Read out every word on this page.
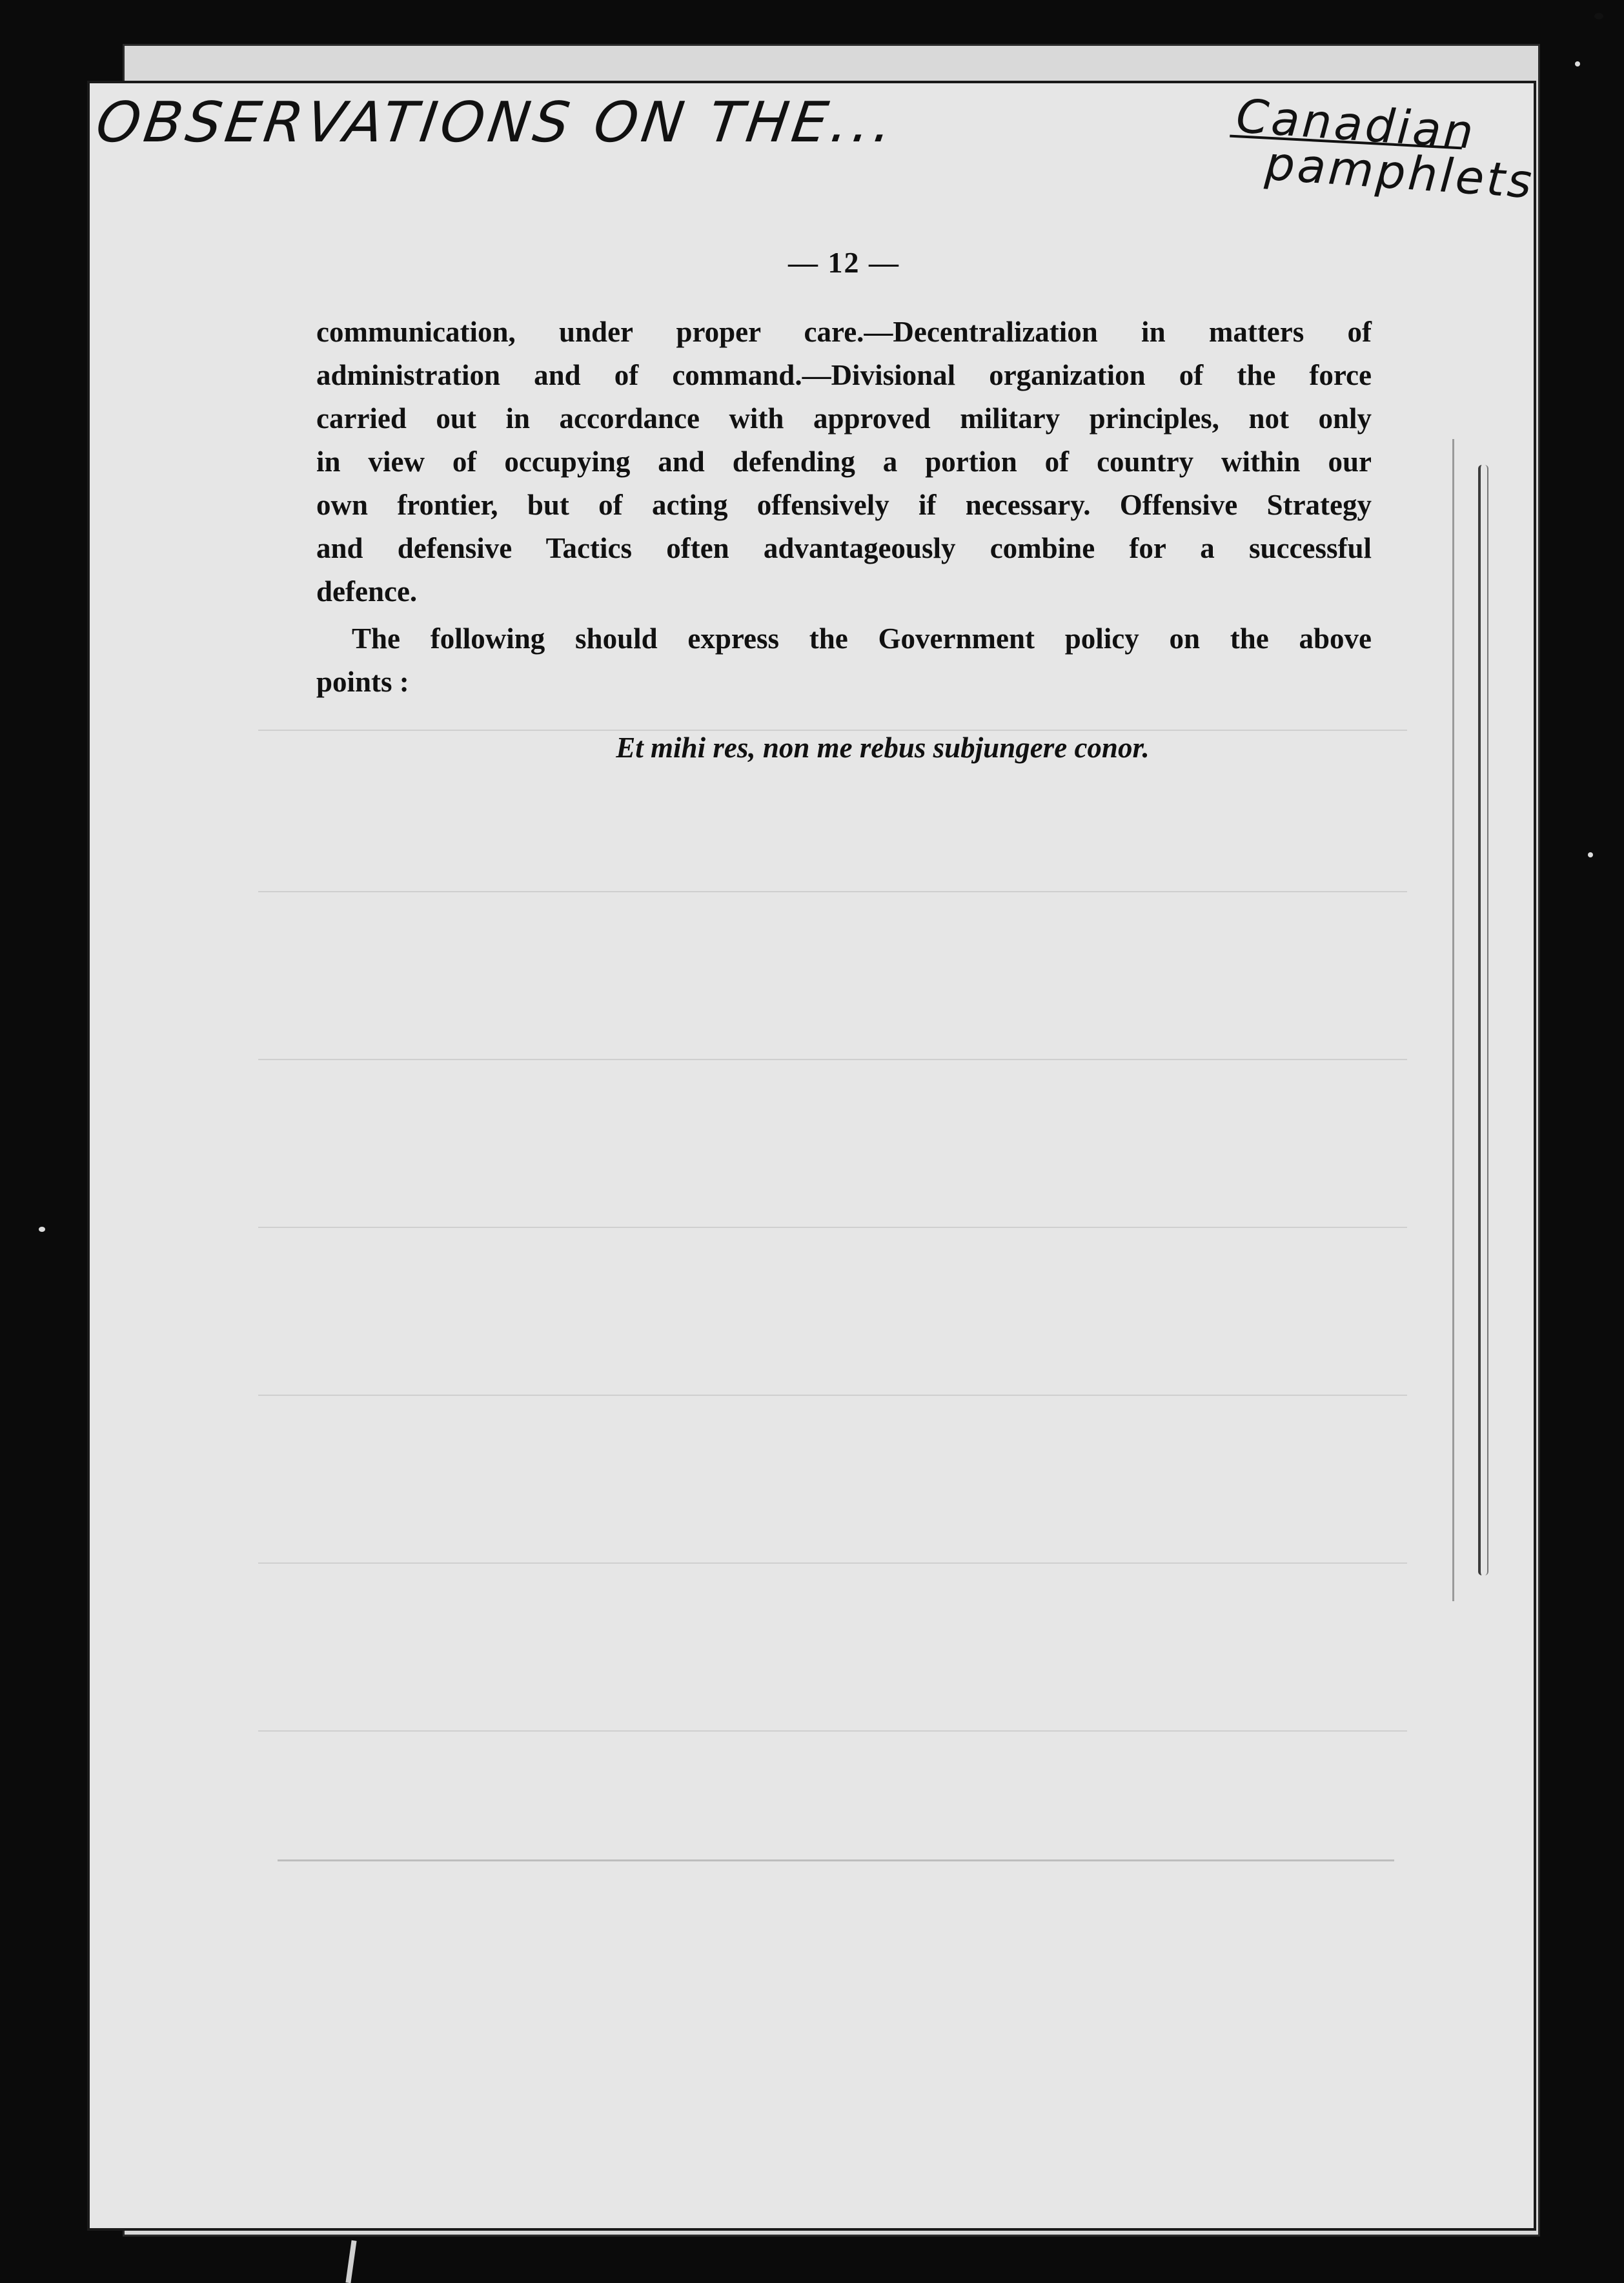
OBSERVATIONS ON THE...	Canadian
pamphlets
— 12 —

communication, under proper care.—Decentralization in matters of
administration and of command.—Divisional organization of the force
carried out in accordance with approved military principles, not only
in view of occupying and defending a portion of country within our
own frontier, but of acting offensively if necessary. Offensive Strategy
and defensive Tactics often advantageously combine for a successful
defence.

The following should express the Government policy on the above
points :

Et mihi res, non me rebus subjungere conor.
